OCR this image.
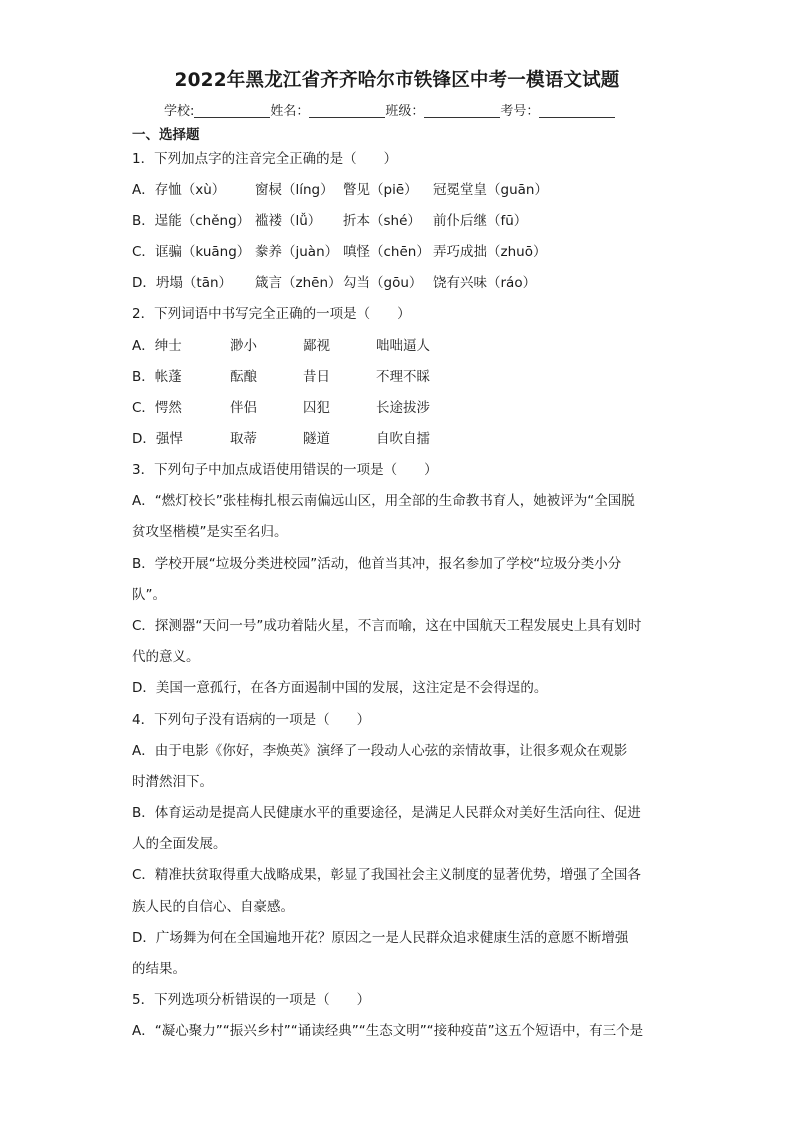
2022年黑龙江省齐齐哈尔市铁锋区中考一模语文试题
学校:	姓名：	班级：	考号：
一、选择题
1．下列加点字的注音完全正确的是（　　）
A．存恤（xù） 窗棂（líng） 瞥见（piē） 冠冕堂皇（guān）
B．逞能（chěng） 褴褛（lǚ） 折本（shé） 前仆后继（fū）
C．诓骗（kuāng） 豢养（juàn） 嗔怪（chēn） 弄巧成拙（zhuō）
D．坍塌（tān） 箴言（zhēn） 勾当（gōu） 饶有兴味（ráo）
2．下列词语中书写完全正确的一项是（　　）
A．绅士	渺小	鄙视	咄咄逼人
B．帐蓬	酝酿	昔日	不理不睬
C．愕然	伴侣	囚犯	长途拔涉
D．强悍	取蒂	隧道	自吹自擂
3．下列句子中加点成语使用错误的一项是（　　）
A．“燃灯校长”张桂梅扎根云南偏远山区，用全部的生命教书育人，她被评为“全国脱
贫攻坚楷模”是实至名归。
B．学校开展“垃圾分类进校园”活动，他首当其冲，报名参加了学校“垃圾分类小分
队”。
C．探测器“天问一号”成功着陆火星，不言而喻，这在中国航天工程发展史上具有划时
代的意义。
D．美国一意孤行，在各方面遏制中国的发展，这注定是不会得逞的。
4．下列句子没有语病的一项是（　　）
A．由于电影《你好，李焕英》演绎了一段动人心弦的亲情故事，让很多观众在观影
时潸然泪下。
B．体育运动是提高人民健康水平的重要途径，是满足人民群众对美好生活向往、促进
人的全面发展。
C．精准扶贫取得重大战略成果，彰显了我国社会主义制度的显著优势，增强了全国各
族人民的自信心、自豪感。
D．广场舞为何在全国遍地开花？原因之一是人民群众追求健康生活的意愿不断增强
的结果。
5．下列选项分析错误的一项是（　　）
A．“凝心聚力”“振兴乡村”“诵读经典”“生态文明”“接种疫苗”这五个短语中，有三个是
